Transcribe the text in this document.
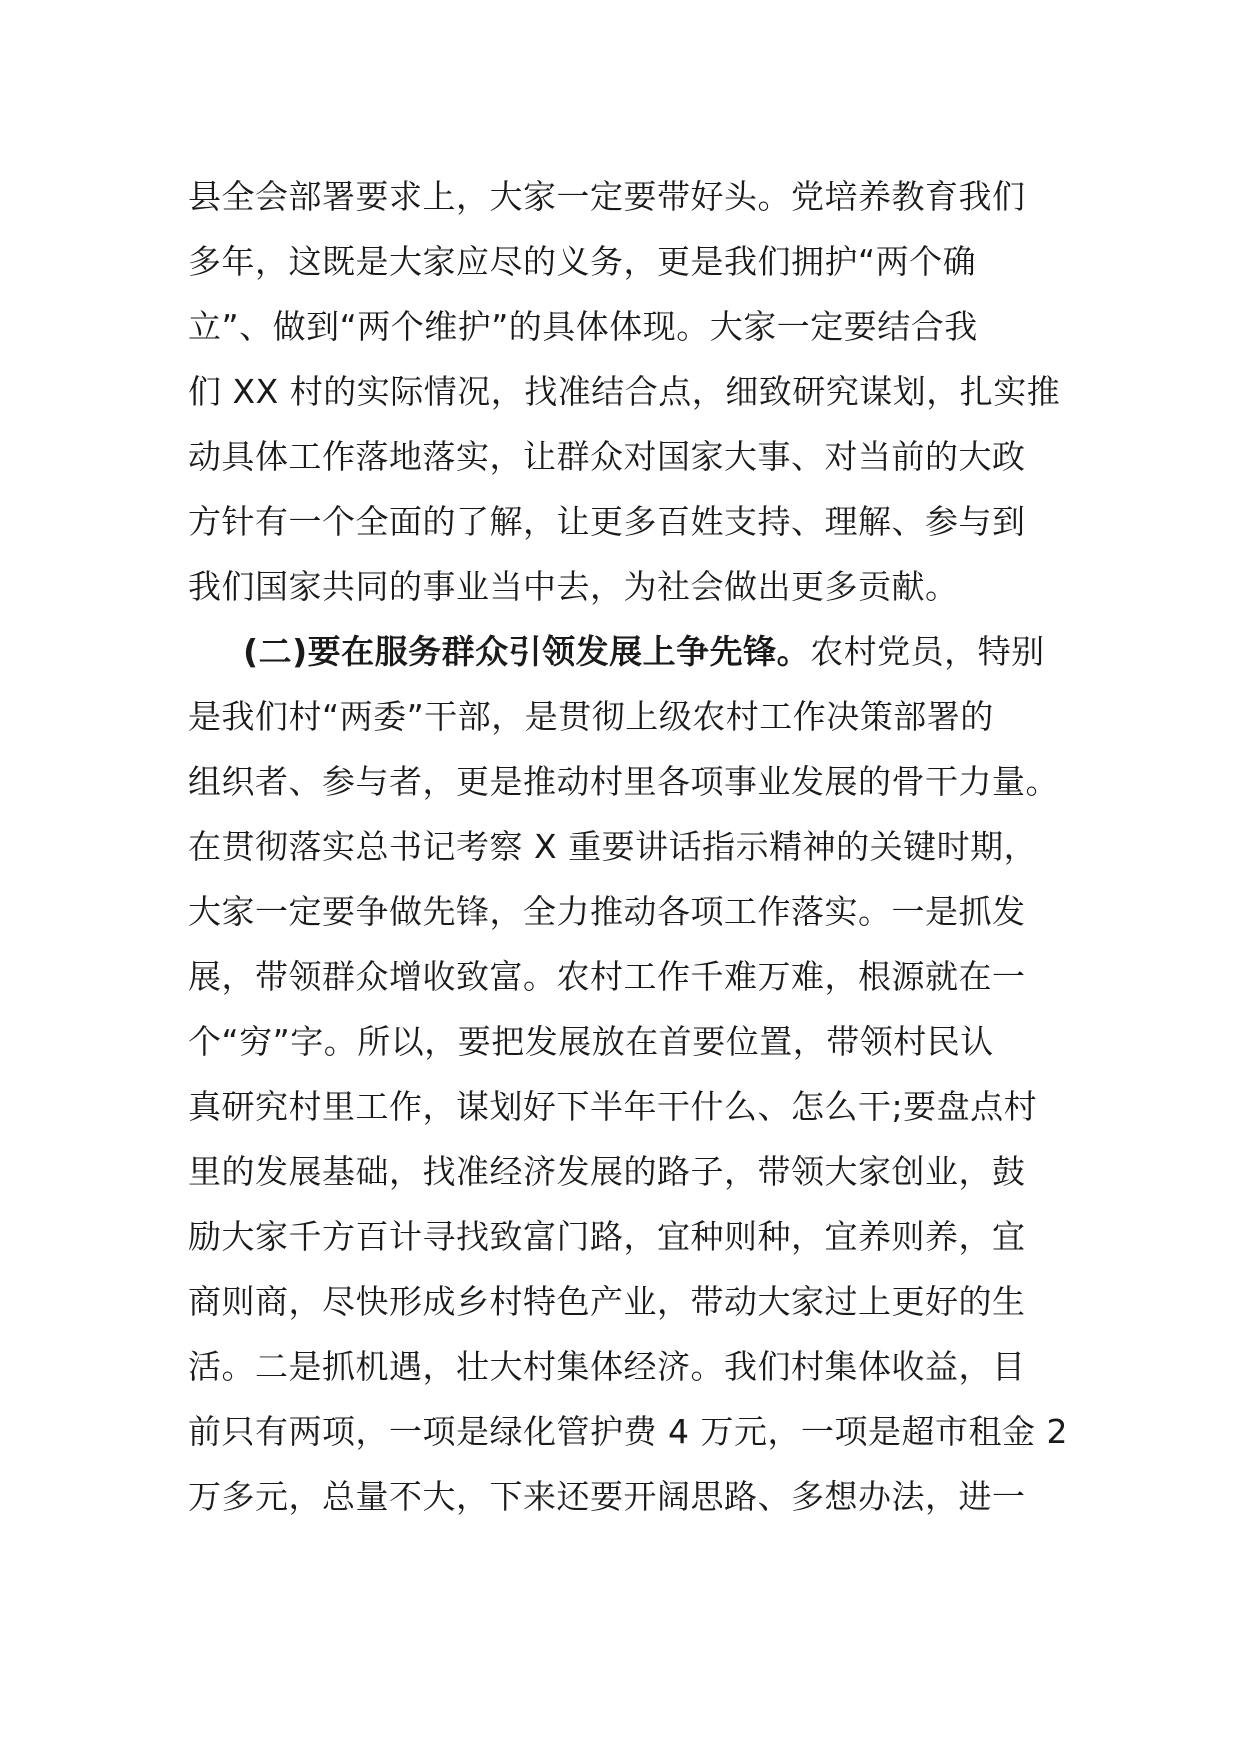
县全会部署要求上，大家一定要带好头。党培养教育我们
多年，这既是大家应尽的义务，更是我们拥护“两个确
立”、做到“两个维护”的具体体现。大家一定要结合我
们 XX 村的实际情况，找准结合点，细致研究谋划，扎实推
动具体工作落地落实，让群众对国家大事、对当前的大政
方针有一个全面的了解，让更多百姓支持、理解、参与到
我们国家共同的事业当中去，为社会做出更多贡献。
(二)要在服务群众引领发展上争先锋。农村党员，特别
是我们村“两委”干部，是贯彻上级农村工作决策部署的
组织者、参与者，更是推动村里各项事业发展的骨干力量。
在贯彻落实总书记考察 X 重要讲话指示精神的关键时期，
大家一定要争做先锋，全力推动各项工作落实。一是抓发
展，带领群众增收致富。农村工作千难万难，根源就在一
个“穷”字。所以，要把发展放在首要位置，带领村民认
真研究村里工作，谋划好下半年干什么、怎么干;要盘点村
里的发展基础，找准经济发展的路子，带领大家创业，鼓
励大家千方百计寻找致富门路，宜种则种，宜养则养，宜
商则商，尽快形成乡村特色产业，带动大家过上更好的生
活。二是抓机遇，壮大村集体经济。我们村集体收益，目
前只有两项，一项是绿化管护费 4 万元，一项是超市租金 2
万多元，总量不大，下来还要开阔思路、多想办法，进一
